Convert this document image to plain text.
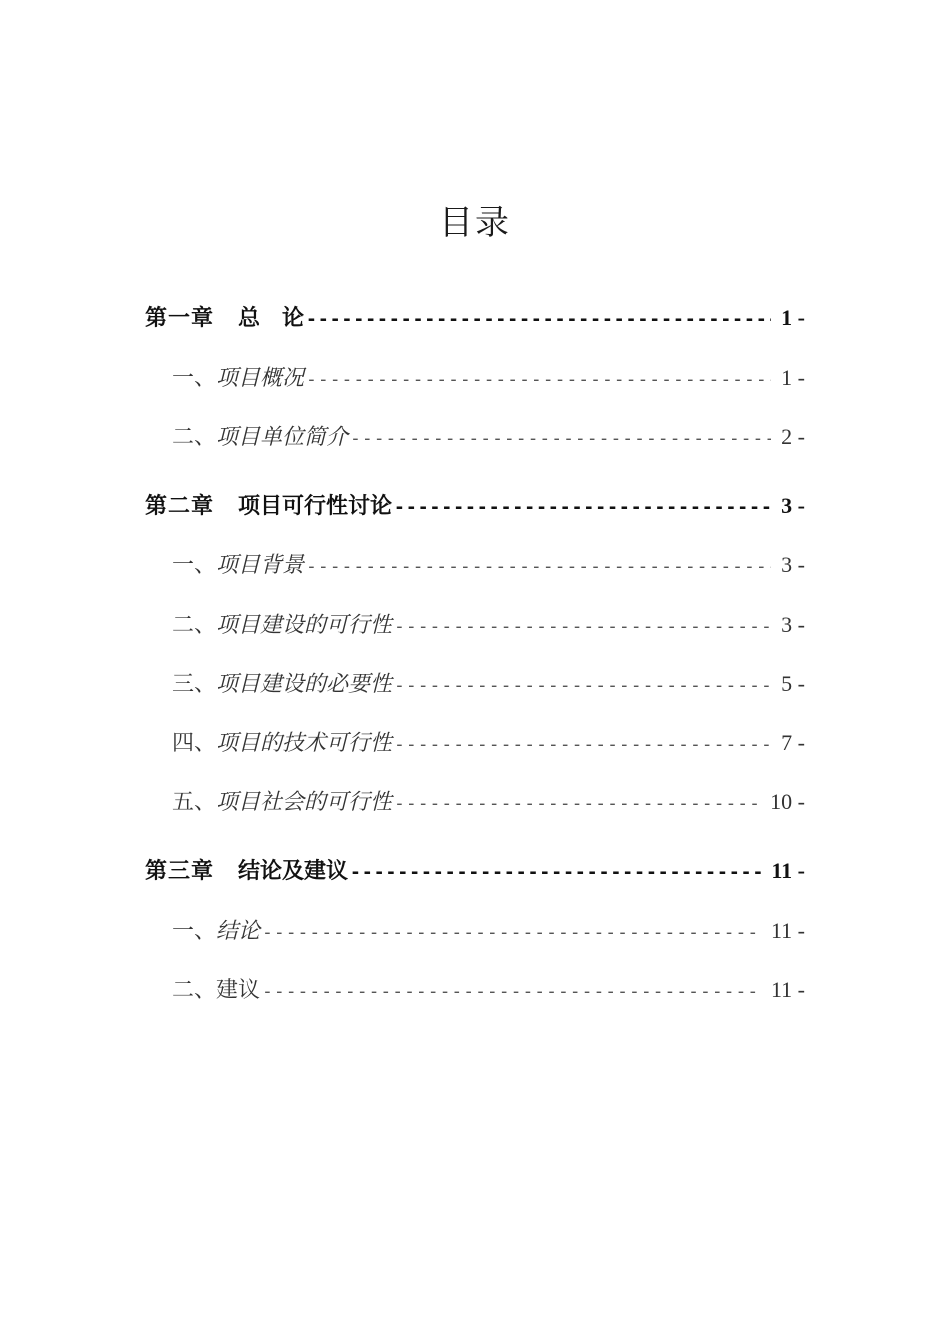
目录
第一章 总　论 -----	1 -
一、 项目概况 -----	1 -
二、 项目单位简介 -----	2 -
第二章 项目可行性讨论 -----	3 -
一、 项目背景 -----	3 -
二、 项目建设的可行性 -----	3 -
三、 项目建设的必要性 -----	5 -
四、 项目的技术可行性 -----	7 -
五、 项目社会的可行性 -----	10 -
第三章 结论及建议 -----	11 -
一、 结论 -----	11 -
二、 建议 -----	11 -
